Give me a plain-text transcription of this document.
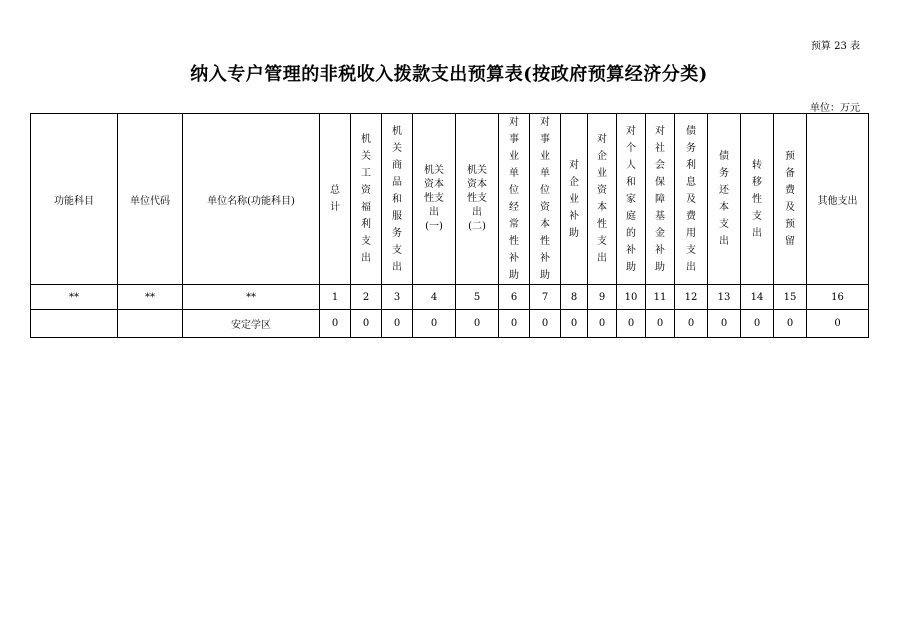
预算 23 表
纳入专户管理的非税收入拨款支出预算表(按政府预算经济分类)
单位：万元
功能科目	单位代码	单位名称(功能科目)	总计	机关工资福利支出	机关商品和服务支出	机关
资本
性支
出
(一)	机关
资本
性支
出
(二)	对事业单位经常性补助	对事业单位资本性补助	对企业补助	对企业资本性支出	对个人和家庭的补助	对社会保障基金补助	债务利息及费用支出	债务还本支出	转移性支出	预备费及预留	其他支出
**	**	**	1	2	3	4	5	6	7	8	9	10	11	12	13	14	15	16
		安定学区	0	0	0	0	0	0	0	0	0	0	0	0	0	0	0	0
